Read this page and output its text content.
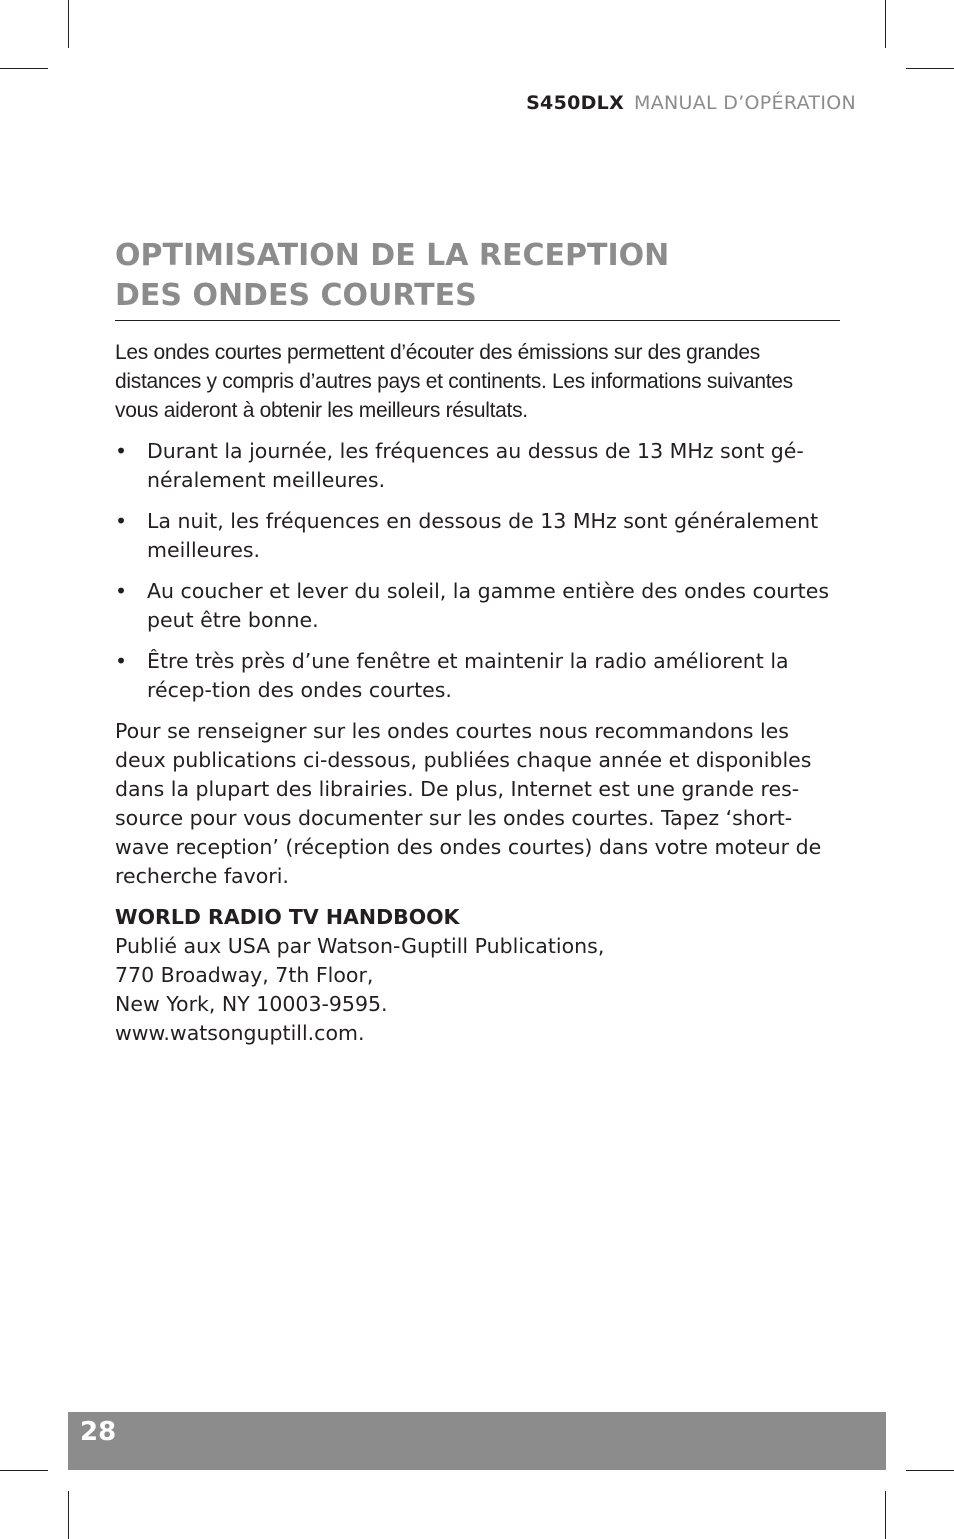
S450DLX MANUAL D’OPÉRATION
OPTIMISATION DE LA RECEPTION
DES ONDES COURTES

Les ondes courtes permettent d’écouter des émissions sur des grandes distances y compris d’autres pays et continents. Les informations suivantes vous aideront à obtenir les meilleurs résultats.

• Durant la journée, les fréquences au dessus de 13 MHz sont gé-néralement meilleures.
• La nuit, les fréquences en dessous de 13 MHz sont généralement meilleures.
• Au coucher et lever du soleil, la gamme entière des ondes courtes peut être bonne.
• Être très près d’une fenêtre et maintenir la radio améliorent la récep-tion des ondes courtes.

Pour se renseigner sur les ondes courtes nous recommandons les deux publications ci-dessous, publiées chaque année et disponibles dans la plupart des librairies. De plus, Internet est une grande res-source pour vous documenter sur les ondes courtes. Tapez ‘short-wave reception’ (réception des ondes courtes) dans votre moteur de recherche favori.

WORLD RADIO TV HANDBOOK

Publié aux USA par Watson-Guptill Publications,

770 Broadway, 7th Floor,

New York, NY 10003-9595.

www.watsonguptill.com.

28
